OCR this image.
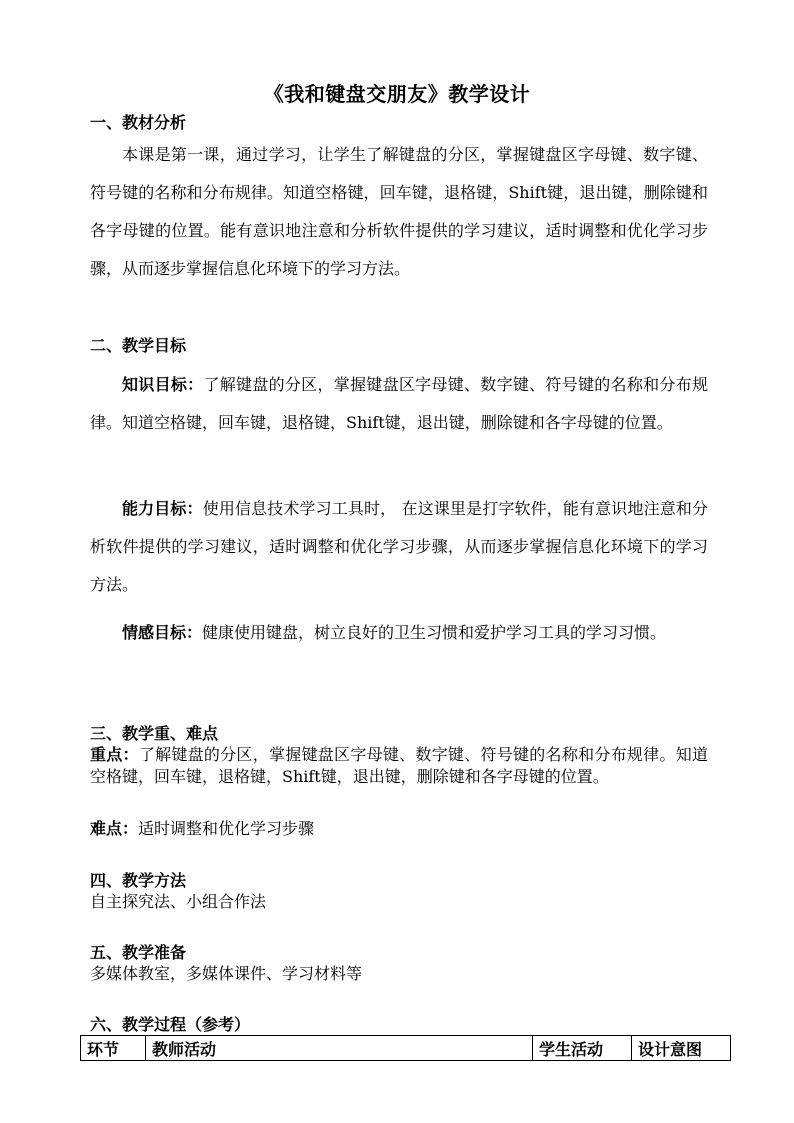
《我和键盘交朋友》教学设计
一、教材分析
本课是第一课，通过学习，让学生了解键盘的分区，掌握键盘区字母键、数字键、符号键的名称和分布规律。知道空格键，回车键，退格键，Shift键，退出键，删除键和各字母键的位置。能有意识地注意和分析软件提供的学习建议，适时调整和优化学习步骤，从而逐步掌握信息化环境下的学习方法。
二、教学目标
知识目标：了解键盘的分区，掌握键盘区字母键、数字键、符号键的名称和分布规律。知道空格键，回车键，退格键，Shift键，退出键，删除键和各字母键的位置。
能力目标：使用信息技术学习工具时， 在这课里是打字软件，能有意识地注意和分析软件提供的学习建议，适时调整和优化学习步骤，从而逐步掌握信息化环境下的学习方法。
情感目标：健康使用键盘，树立良好的卫生习惯和爱护学习工具的学习习惯。
三、教学重、难点
重点：了解键盘的分区，掌握键盘区字母键、数字键、符号键的名称和分布规律。知道空格键，回车键，退格键，Shift键，退出键，删除键和各字母键的位置。
难点：适时调整和优化学习步骤
四、教学方法
自主探究法、小组合作法
五、教学准备
多媒体教室，多媒体课件、学习材料等
六、教学过程（参考）
环节	教师活动	学生活动	设计意图
